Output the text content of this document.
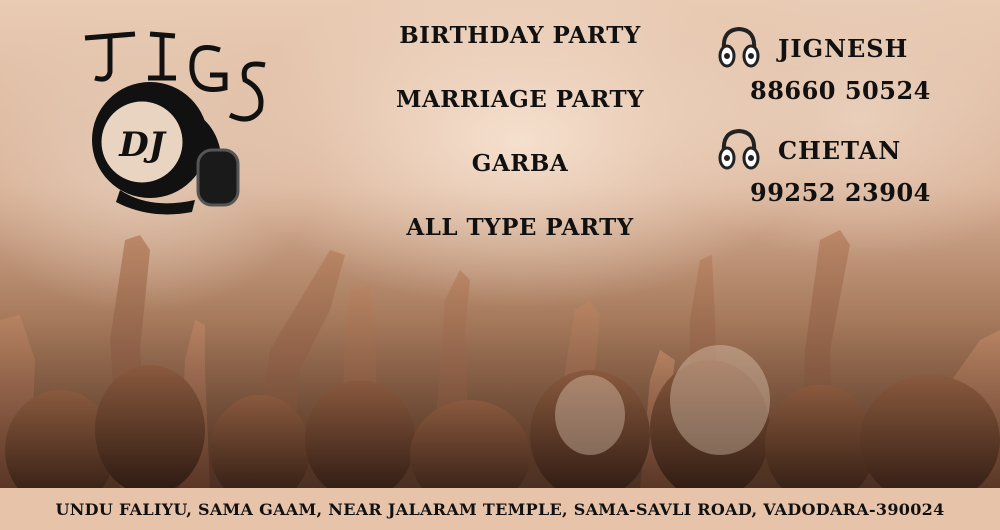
DJ
BIRTHDAY PARTY
MARRIAGE PARTY
GARBA
ALL TYPE PARTY
JIGNESH
88660 50524
CHETAN
99252 23904
UNDU FALIYU, SAMA GAAM, NEAR JALARAM TEMPLE, SAMA-SAVLI ROAD, VADODARA-390024
